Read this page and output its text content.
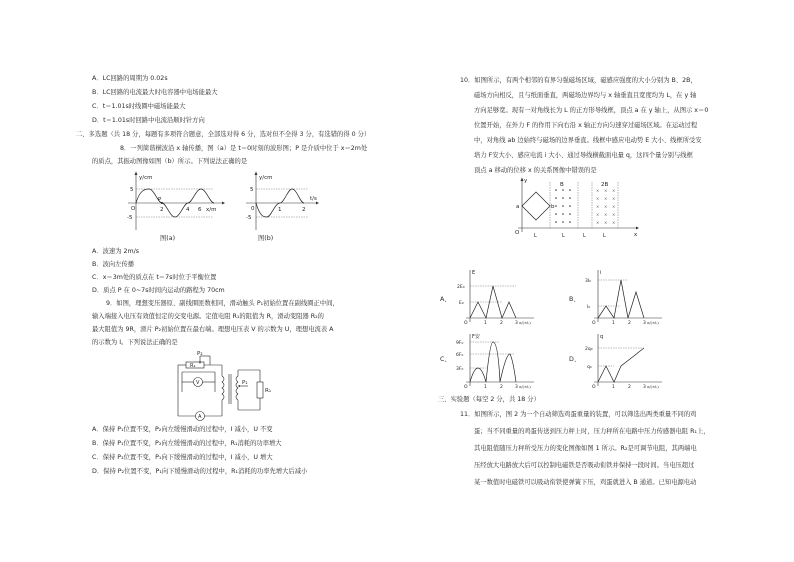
A．LC回路的周期为 0.02s
B．LC回路的电流最大时电容器中电场能最大
C．t＝1.01s时线圈中磁场能最大
D．t＝1.01s时回路中电流沿顺时针方向
二、多选题（共 18 分，每题有多项符合题意，全部选对得 6 分，选对但不全得 3 分，有选错的得 0 分）
8．一列简谐横波沿 x 轴传播，图（a）是 t＝0时刻的波形图；P 是介质中位于 x＝2m处
的质点，其振动图像如图（b）所示。下列说法正确的是
y/cm
5
-5
O
P
2	4 6 x/m
图(a)
y/cm
5
-5
0	1	2
t/s
图(b)
A．波速为 2m/s
B．波向左传播
C．x＝3m处的质点在 t＝7s时位于平衡位置
D．质点 P 在 0~7s时间内运动的路程为 70cm
9．如图，理想变压器原、副线圈匝数相同，滑动触头 P₁初始位置在副线圈正中间，
输入端接入电压有效值恒定的交变电源。定值电阻 R₁的阻值为 R，滑动变阻器 R₂的
最大阻值为 9R，滑片 P₂初始位置在最右端。理想电压表 V 的示数为 U，理想电流表 A
的示数为 I。下列说法正确的是
P₂
R₂
V	P₁
R₁
A
A．保持 P₁位置不变，P₂向左缓慢滑动的过程中，I 减小，U 不变
B．保持 P₁位置不变，P₂向左缓慢滑动的过程中，R₁消耗的功率增大
C．保持 P₂位置不变，P₁向下缓慢滑动的过程中，I 减小，U 增大
D．保持 P₂位置不变，P₁向下缓慢滑动的过程中，R₁消耗的功率先增大后减小
10．如图所示，有两个相邻的有界匀强磁场区域，磁感应强度的大小分别为 B、2B，
磁场方向相反，且与纸面垂直，两磁场边界均与 x 轴垂直且宽度均为 L，在 y 轴
方向足够宽。现有一对角线长为 L 的正方形导线框，顶点 a 在 y 轴上，从图示 x＝0
位置开始，在外力 F 的作用下向右沿 x 轴正方向匀速穿过磁场区域。在运动过程
中，对角线 ab 边始终与磁场的边界垂直。线框中感应电动势 E 大小、线框所受安
培力 F安大小、感应电流 i 大小、通过导线横截面电量 q，这四个量分别与线框
顶点 a 移动的位移 x 的关系图像中错误的是
× × ×
× × ×
× × ×
× × ×
× × ×
y
x
O
a	b
B	2B
L	L	L	L
A、
E
2E₀
E₀
O	1	2	3 x/(×L)
B、
i
3I₀
I₀
O	1	2	3 x/(×L)
C、
F安
9F₀
6F₀
3F₀
O	1	2	3 x/(×L)
D、
q
2q₀
q₀
O	1	2	3 x/(×L)
三、实验题（每空 2 分，共 18 分）
11．如图所示，图 2 为一个自动筛选鸡蛋重量的装置，可以筛选出两类重量不同的鸡
蛋；当不同重量的鸡蛋传送到压力秤上时，压力秤所在电路中压力传感器电阻 R₁上，
其电阻值随压力秤所受压力的变化图像如图 1 所示。R₂是可调节电阻，其两端电
压经放大电路放大后可以控制电磁铁是否吸动衔铁并保持一段时间。当电压超过
某一数值时电磁铁可以吸动衔铁使弹簧下压，鸡蛋就进入 B 通道。已知电源电动
